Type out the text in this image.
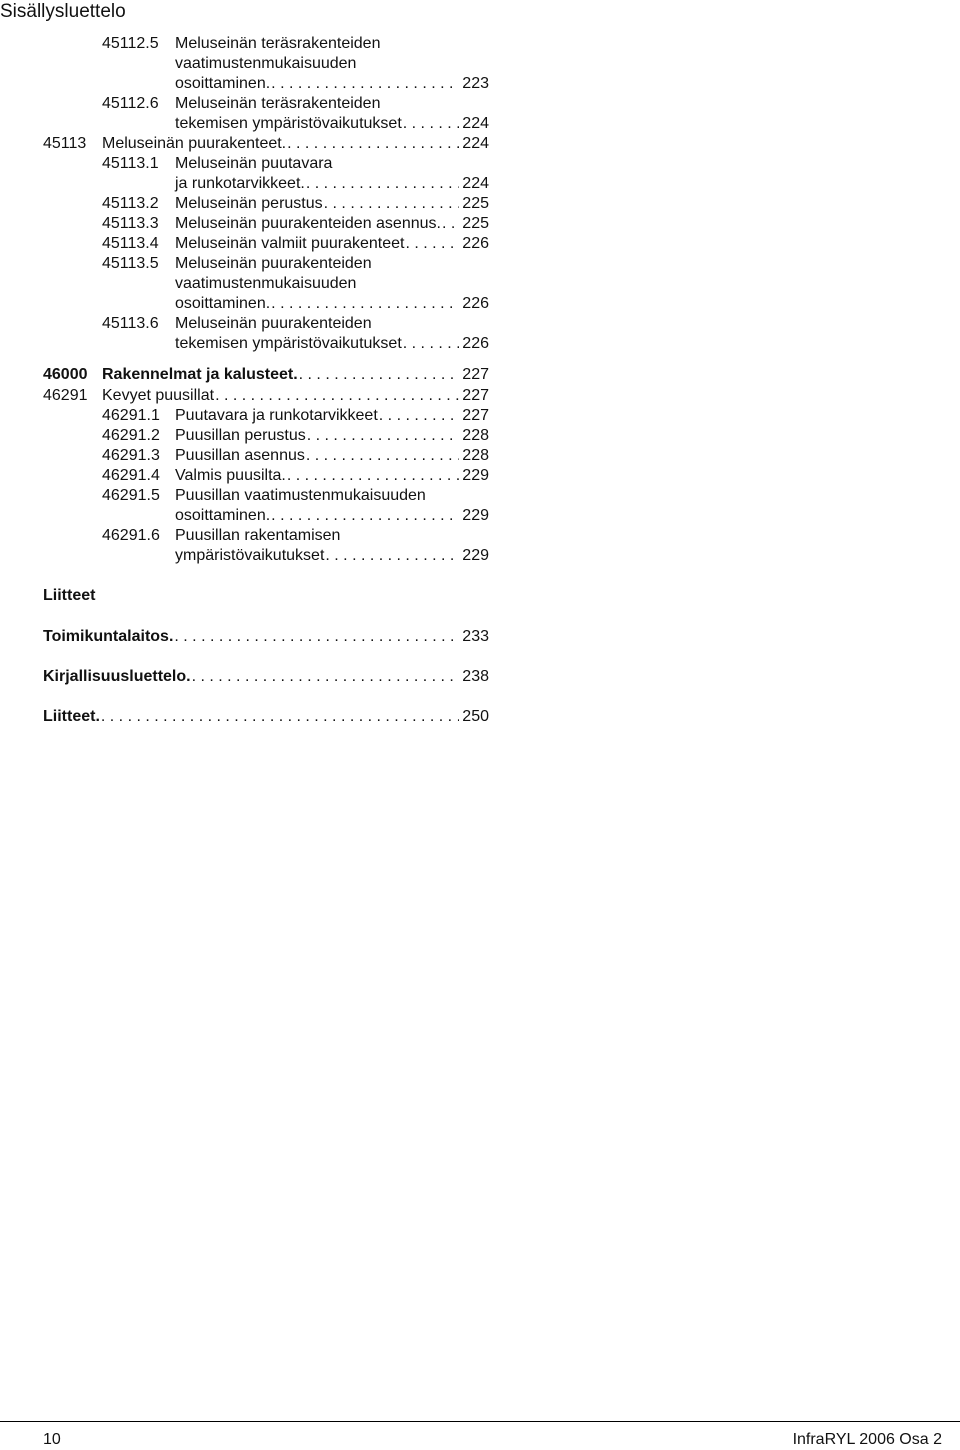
Sisällysluettelo
45112.5 Meluseinän teräsrakenteiden
vaatimustenmukaisuuden
osoittaminen. . . .	223
45112.6 Meluseinän teräsrakenteiden
tekemisen ympäristövaikutukset . . .	224
45113 Meluseinän puurakenteet. . . .	224
45113.1 Meluseinän puutavara
ja runkotarvikkeet. . . .	224
45113.2 Meluseinän perustus . . .	225
45113.3 Meluseinän puurakenteiden asennus. . . . 225
45113.4 Meluseinän valmiit puurakenteet . . .	226
45113.5 Meluseinän puurakenteiden
vaatimustenmukaisuuden
osoittaminen. . . .	226
45113.6 Meluseinän puurakenteiden
tekemisen ympäristövaikutukset . . .	226
46000 Rakennelmat ja kalusteet. . . .	227
46291 Kevyet puusillat . . .	227
46291.1 Puutavara ja runkotarvikkeet . . .	227
46291.2 Puusillan perustus . . .	228
46291.3 Puusillan asennus . . .	228
46291.4 Valmis puusilta. . . .	229
46291.5 Puusillan vaatimustenmukaisuuden
osoittaminen. . . .	229
46291.6 Puusillan rakentamisen
ympäristövaikutukset . . .	229
Liitteet
Toimikuntalaitos. . . .	233
Kirjallisuusluettelo. . . .	238
Liitteet. . . .	250
10	InfraRYL 2006 Osa 2
